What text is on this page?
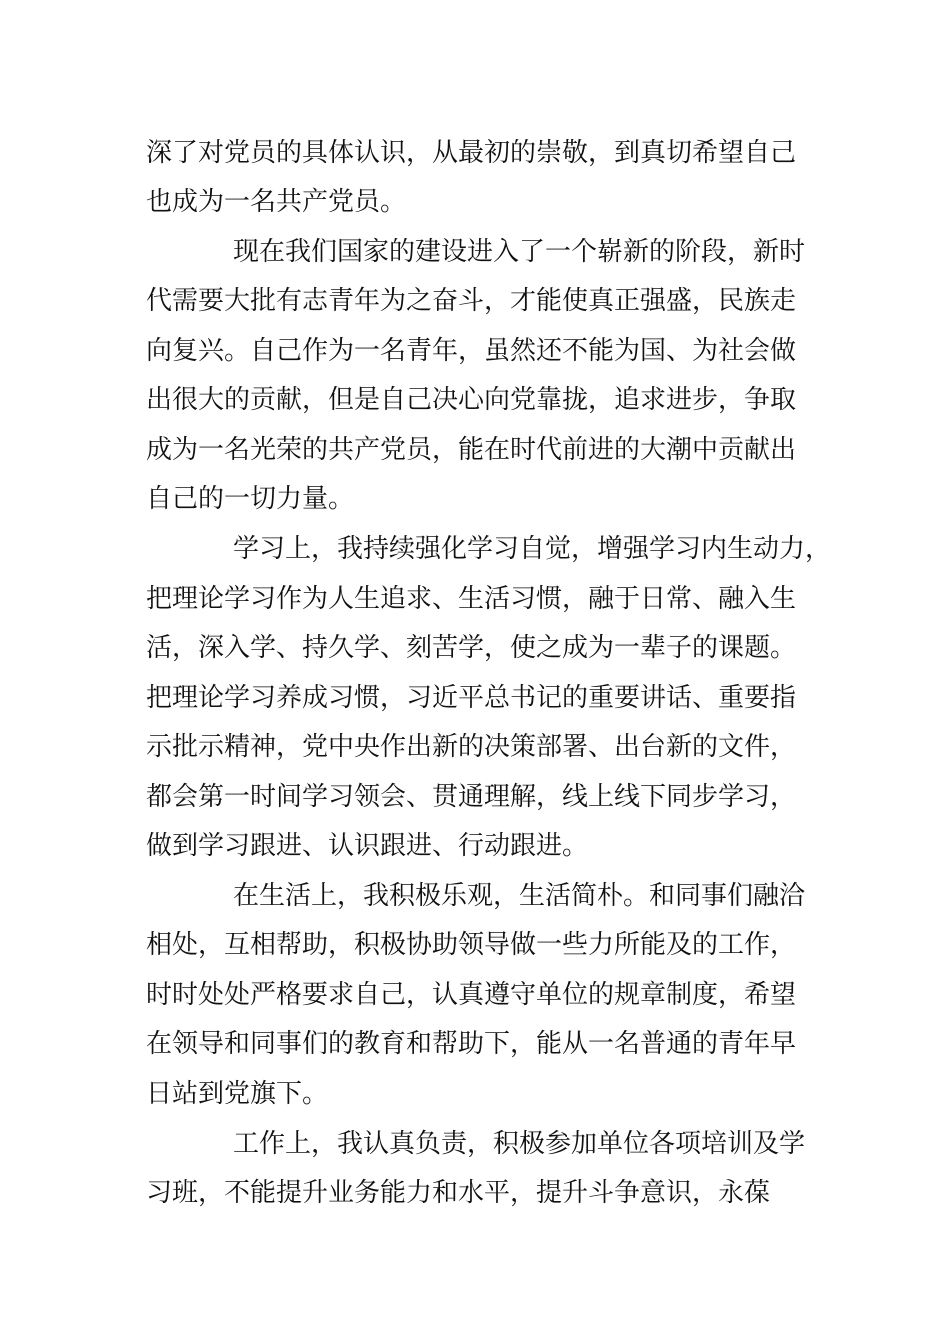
深了对党员的具体认识，从最初的崇敬，到真切希望自己
也成为一名共产党员。
现在我们国家的建设进入了一个崭新的阶段，新时
代需要大批有志青年为之奋斗，才能使真正强盛，民族走
向复兴。自己作为一名青年，虽然还不能为国、为社会做
出很大的贡献，但是自己决心向党靠拢，追求进步，争取
成为一名光荣的共产党员，能在时代前进的大潮中贡献出
自己的一切力量。
学习上，我持续强化学习自觉，增强学习内生动力，
把理论学习作为人生追求、生活习惯，融于日常、融入生
活，深入学、持久学、刻苦学，使之成为一辈子的课题。
把理论学习养成习惯，习近平总书记的重要讲话、重要指
示批示精神，党中央作出新的决策部署、出台新的文件，
都会第一时间学习领会、贯通理解，线上线下同步学习，
做到学习跟进、认识跟进、行动跟进。
在生活上，我积极乐观，生活简朴。和同事们融洽
相处，互相帮助，积极协助领导做一些力所能及的工作，
时时处处严格要求自己，认真遵守单位的规章制度，希望
在领导和同事们的教育和帮助下，能从一名普通的青年早
日站到党旗下。
工作上，我认真负责，积极参加单位各项培训及学
习班，不能提升业务能力和水平，提升斗争意识，永葆
